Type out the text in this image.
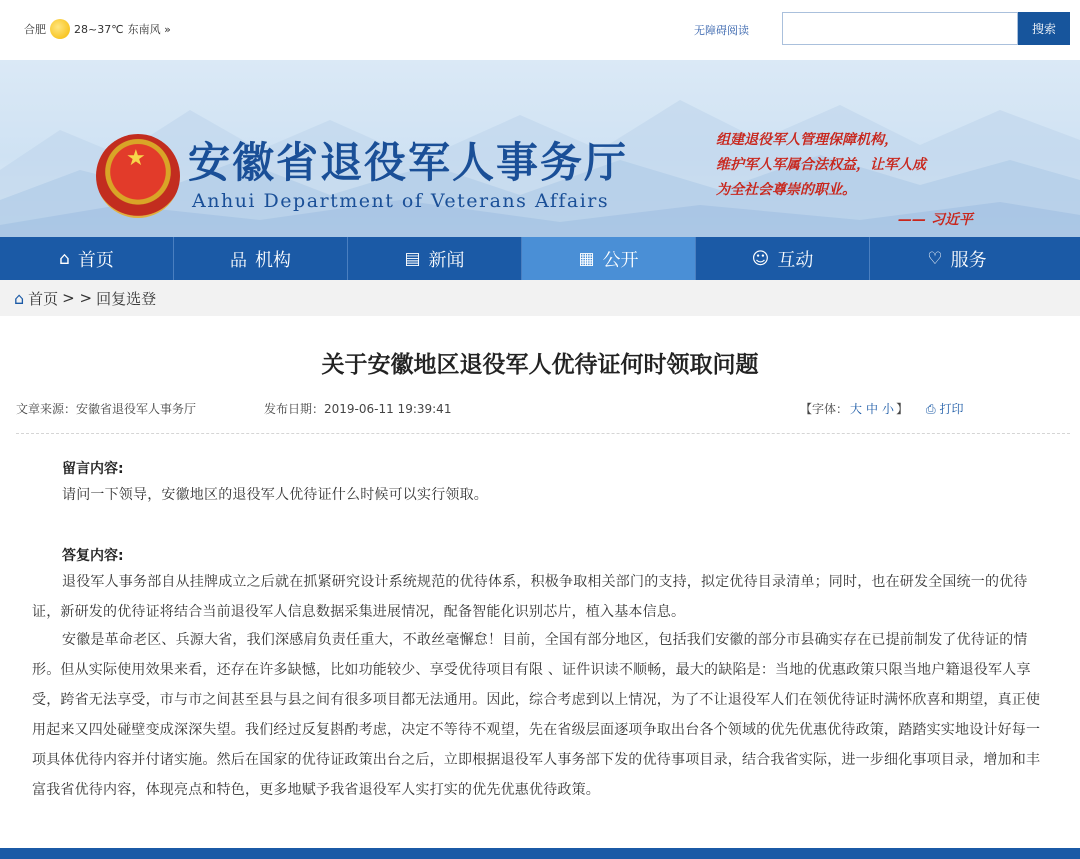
合肥	28~37℃ 东南风 »	无障碍阅读	搜索
★ 安徽省退役军人事务厅
Anhui Department of Veterans Affairs
组建退役军人管理保障机构，
维护军人军属合法权益，让军人成
为全社会尊崇的职业。
—— 习近平
⌂ 首页	品 机构	▤ 新闻	▦ 公开	☺ 互动	♡ 服务
⌂ 首页 > > 回复选登
关于安徽地区退役军人优待证何时领取问题
文章来源：安徽省退役军人事务厅	发布日期：2019-06-11 19:39:41	【字体： 大 中 小 】 ⎙ 打印
留言内容:
请问一下领导，安徽地区的退役军人优待证什么时候可以实行领取。
答复内容:
退役军人事务部自从挂牌成立之后就在抓紧研究设计系统规范的优待体系，积极争取相关部门的支持，拟定优待目录清单；同时，也在研发全国统一的优待证，新研发的优待证将结合当前退役军人信息数据采集进展情况，配备智能化识别芯片，植入基本信息。
安徽是革命老区、兵源大省，我们深感肩负责任重大，不敢丝毫懈怠！目前，全国有部分地区，包括我们安徽的部分市县确实存在已提前制发了优待证的情形。但从实际使用效果来看，还存在许多缺憾，比如功能较少、享受优待项目有限 、证件识读不顺畅，最大的缺陷是：当地的优惠政策只限当地户籍退役军人享受，跨省无法享受，市与市之间甚至县与县之间有很多项目都无法通用。因此，综合考虑到以上情况，为了不让退役军人们在领优待证时满怀欣喜和期望，真正使用起来又四处碰壁变成深深失望。我们经过反复斟酌考虑，决定不等待不观望，先在省级层面逐项争取出台各个领域的优先优惠优待政策，踏踏实实地设计好每一项具体优待内容并付诸实施。然后在国家的优待证政策出台之后，立即根据退役军人事务部下发的优待事项目录，结合我省实际，进一步细化事项目录，增加和丰富我省优待内容，体现亮点和特色，更多地赋予我省退役军人实打实的优先优惠优待政策。
